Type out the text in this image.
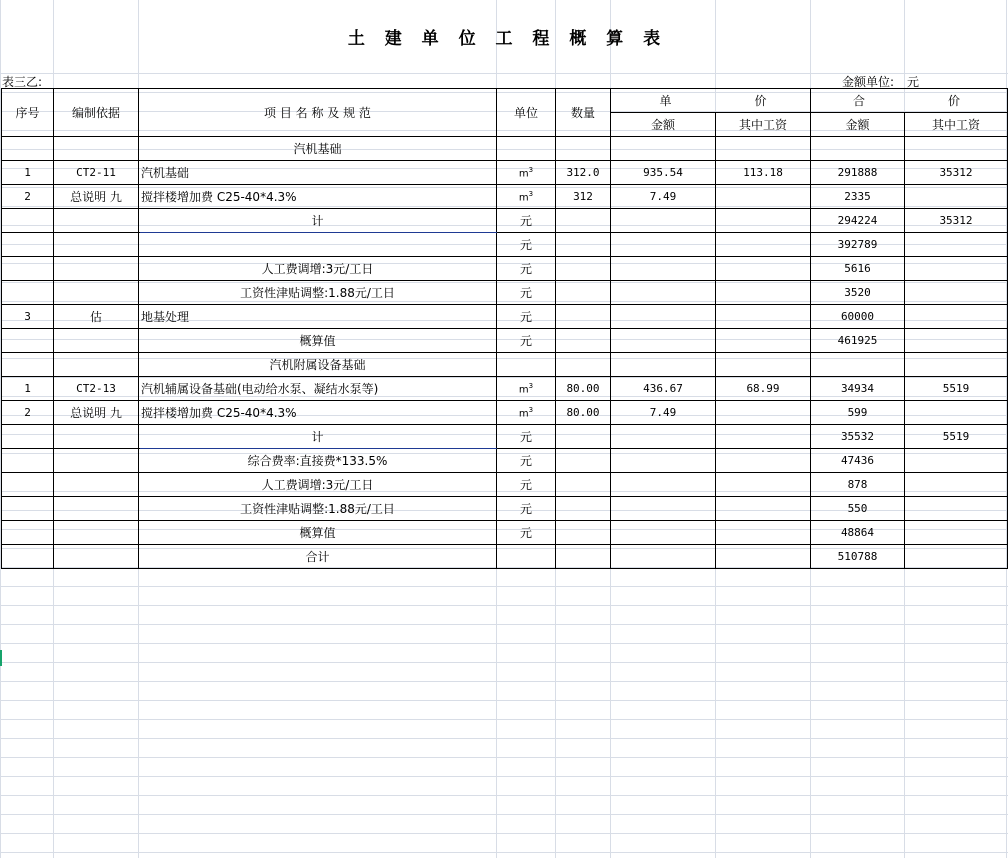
土 建 单 位 工 程 概 算 表
表三乙:	金额单位:	元
序号	编制依据	项 目 名 称 及 规 范	单位	数量	单 价		合 价	
					金额	其中工资	金额	其中工资
		汽机基础						
1	CT2-11	汽机基础	$m^3$	312.0	935.54	113.18	291888	35312
2	总说明 九	搅拌楼增加费 C25-40*4.3%	$m^3$	312	7.49		2335	
		计	元				294224	35312
			元				392789	
		人工费调增:3元/工日	元				5616	
		工资性津贴调整:1.88元/工日	元				3520	
3	估	地基处理	元				60000	
		概算值	元				461925	
		汽机附属设备基础						
1	CT2-13	汽机辅属设备基础(电动给水泵、凝结水泵等)	$m^3$	80.00	436.67	68.99	34934	5519
2	总说明 九	搅拌楼增加费 C25-40*4.3%	$m^3$	80.00	7.49		599	
		计	元				35532	5519
		综合费率:直接费*133.5%	元				47436	
		人工费调增:3元/工日	元				878	
		工资性津贴调整:1.88元/工日	元				550	
		概算值	元				48864	
		合计					510788	
